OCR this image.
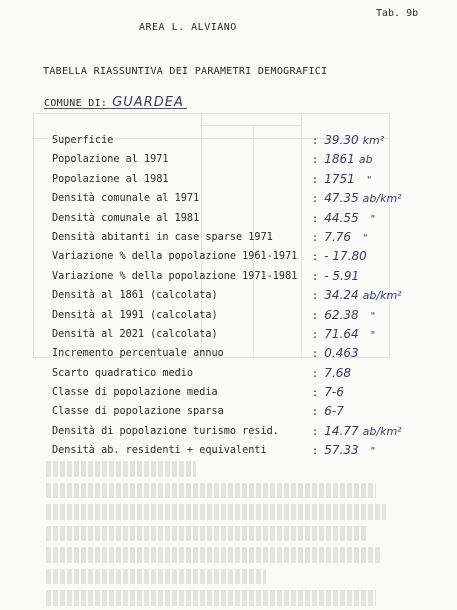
Tab. 9b
AREA L. ALVIANO
TABELLA RIASSUNTIVA DEI PARAMETRI DEMOGRAFICI
COMUNE DI: GUARDEA
Superficie	: 39.30 km²
Popolazione al 1971	: 1861 ab
Popolazione al 1981	: 1751 "
Densità comunale al 1971	: 47.35 ab/km²
Densità comunale al 1981	: 44.55 "
Densità abitanti in case sparse 1971	: 7.76 "
Variazione % della popolazione 1961-1971 : - 17.80
Variazione % della popolazione 1971-1981 : - 5.91
Densità al 1861 (calcolata)	: 34.24 ab/km²
Densità al 1991 (calcolata)	: 62.38 "
Densità al 2021 (calcolata)	: 71.64 "
Incremento percentuale annuo	: 0.463
Scarto quadratico medio	: 7.68
Classe di popolazione media	: 7-6
Classe di popolazione sparsa	: 6-7
Densità di popolazione turismo resid.	: 14.77 ab/km²
Densità ab. residenti + equivalenti	: 57.33 "
